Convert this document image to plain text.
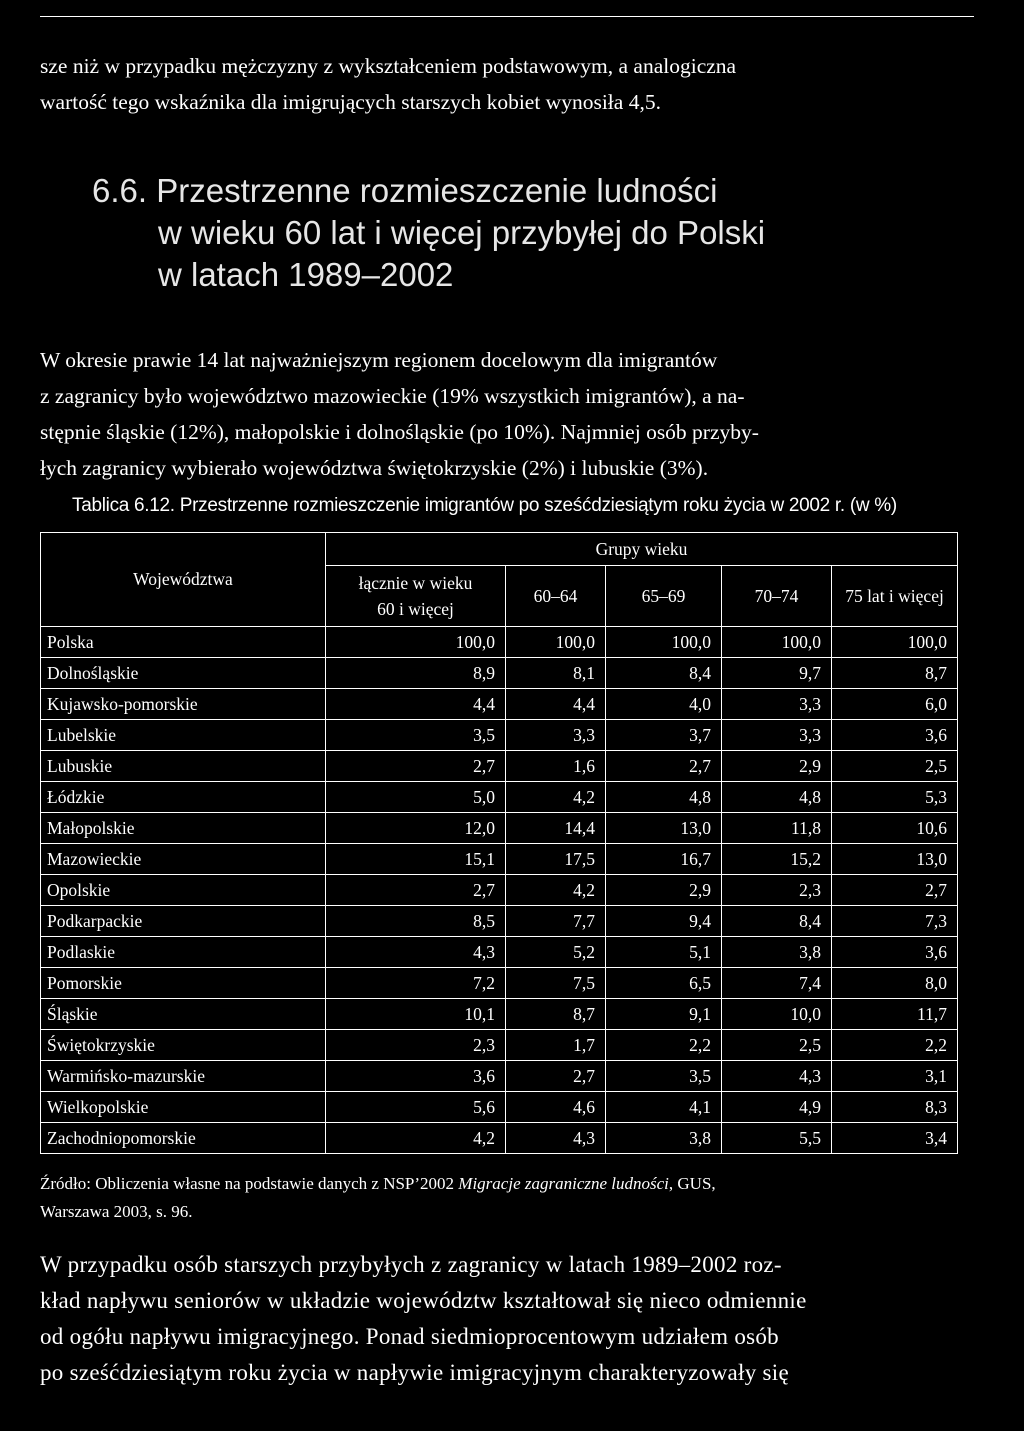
sze niż w przypadku mężczyzny z wykształceniem podstawowym, a analogiczna
wartość tego wskaźnika dla imigrujących starszych kobiet wynosiła 4,5.

6.6. Przestrzenne rozmieszczenie ludności
w wieku 60 lat i więcej przybyłej do Polski
w latach 1989–2002

W okresie prawie 14 lat najważniejszym regionem docelowym dla imigrantów
z zagranicy było województwo mazowieckie (19% wszystkich imigrantów), a na-
stępnie śląskie (12%), małopolskie i dolnośląskie (po 10%). Najmniej osób przyby-
łych zagranicy wybierało województwa świętokrzyskie (2%) i lubuskie (3%).

Tablica 6.12. Przestrzenne rozmieszczenie imigrantów po sześćdziesiątym roku życia w 2002 r. (w %)
Województwa	Grupy wieku				
	łącznie w wieku
60 i więcej	60–64	65–69	70–74	75 lat i więcej
Polska	100,0	100,0	100,0	100,0	100,0
Dolnośląskie	8,9	8,1	8,4	9,7	8,7
Kujawsko-pomorskie	4,4	4,4	4,0	3,3	6,0
Lubelskie	3,5	3,3	3,7	3,3	3,6
Lubuskie	2,7	1,6	2,7	2,9	2,5
Łódzkie	5,0	4,2	4,8	4,8	5,3
Małopolskie	12,0	14,4	13,0	11,8	10,6
Mazowieckie	15,1	17,5	16,7	15,2	13,0
Opolskie	2,7	4,2	2,9	2,3	2,7
Podkarpackie	8,5	7,7	9,4	8,4	7,3
Podlaskie	4,3	5,2	5,1	3,8	3,6
Pomorskie	7,2	7,5	6,5	7,4	8,0
Śląskie	10,1	8,7	9,1	10,0	11,7
Świętokrzyskie	2,3	1,7	2,2	2,5	2,2
Warmińsko-mazurskie	3,6	2,7	3,5	4,3	3,1
Wielkopolskie	5,6	4,6	4,1	4,9	8,3
Zachodniopomorskie	4,2	4,3	3,8	5,5	3,4
Źródło: Obliczenia własne na podstawie danych z NSP’2002 Migracje zagraniczne ludności, GUS,
Warszawa 2003, s. 96.

W przypadku osób starszych przybyłych z zagranicy w latach 1989–2002 roz-
kład napływu seniorów w układzie województw kształtował się nieco odmiennie
od ogółu napływu imigracyjnego. Ponad siedmioprocentowym udziałem osób
po sześćdziesiątym roku życia w napływie imigracyjnym charakteryzowały się
